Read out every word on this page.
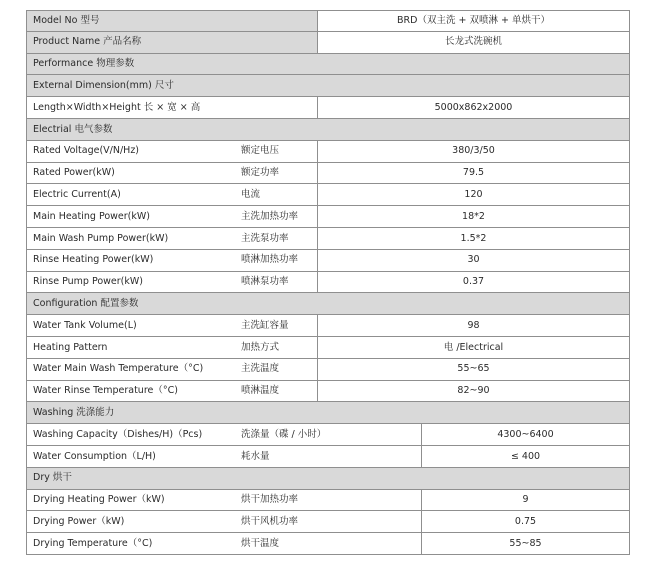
Model No 型号	BRD（双主洗 + 双喷淋 + 单烘干）
Product Name 产品名称	长龙式洗碗机
Performance 物理参数
External Dimension(mm) 尺寸
Length×Width×Height 长 × 宽 × 高	5000x862x2000
Electrial 电气参数
Rated Voltage(V/N/Hz)	额定电压	380/3/50
Rated Power(kW)	额定功率	79.5
Electric Current(A)	电流	120
Main Heating Power(kW)	主洗加热功率	18*2
Main Wash Pump Power(kW)	主洗泵功率	1.5*2
Rinse Heating Power(kW)	喷淋加热功率	30
Rinse Pump Power(kW)	喷淋泵功率	0.37
Configuration 配置参数
Water Tank Volume(L)	主洗缸容量	98
Heating Pattern	加热方式	电 /Electrical
Water Main Wash Temperature（°C)	主洗温度	55~65
Water Rinse Temperature（°C)	喷淋温度	82~90
Washing 洗涤能力
Washing Capacity（Dishes/H)（Pcs)	洗涤量（碟 / 小时）	4300~6400
Water Consumption（L/H)	耗水量	≤ 400
Dry 烘干
Drying Heating Power（kW)	烘干加热功率	9
Drying Power（kW)	烘干风机功率	0.75
Drying Temperature（°C)	烘干温度	55~85
